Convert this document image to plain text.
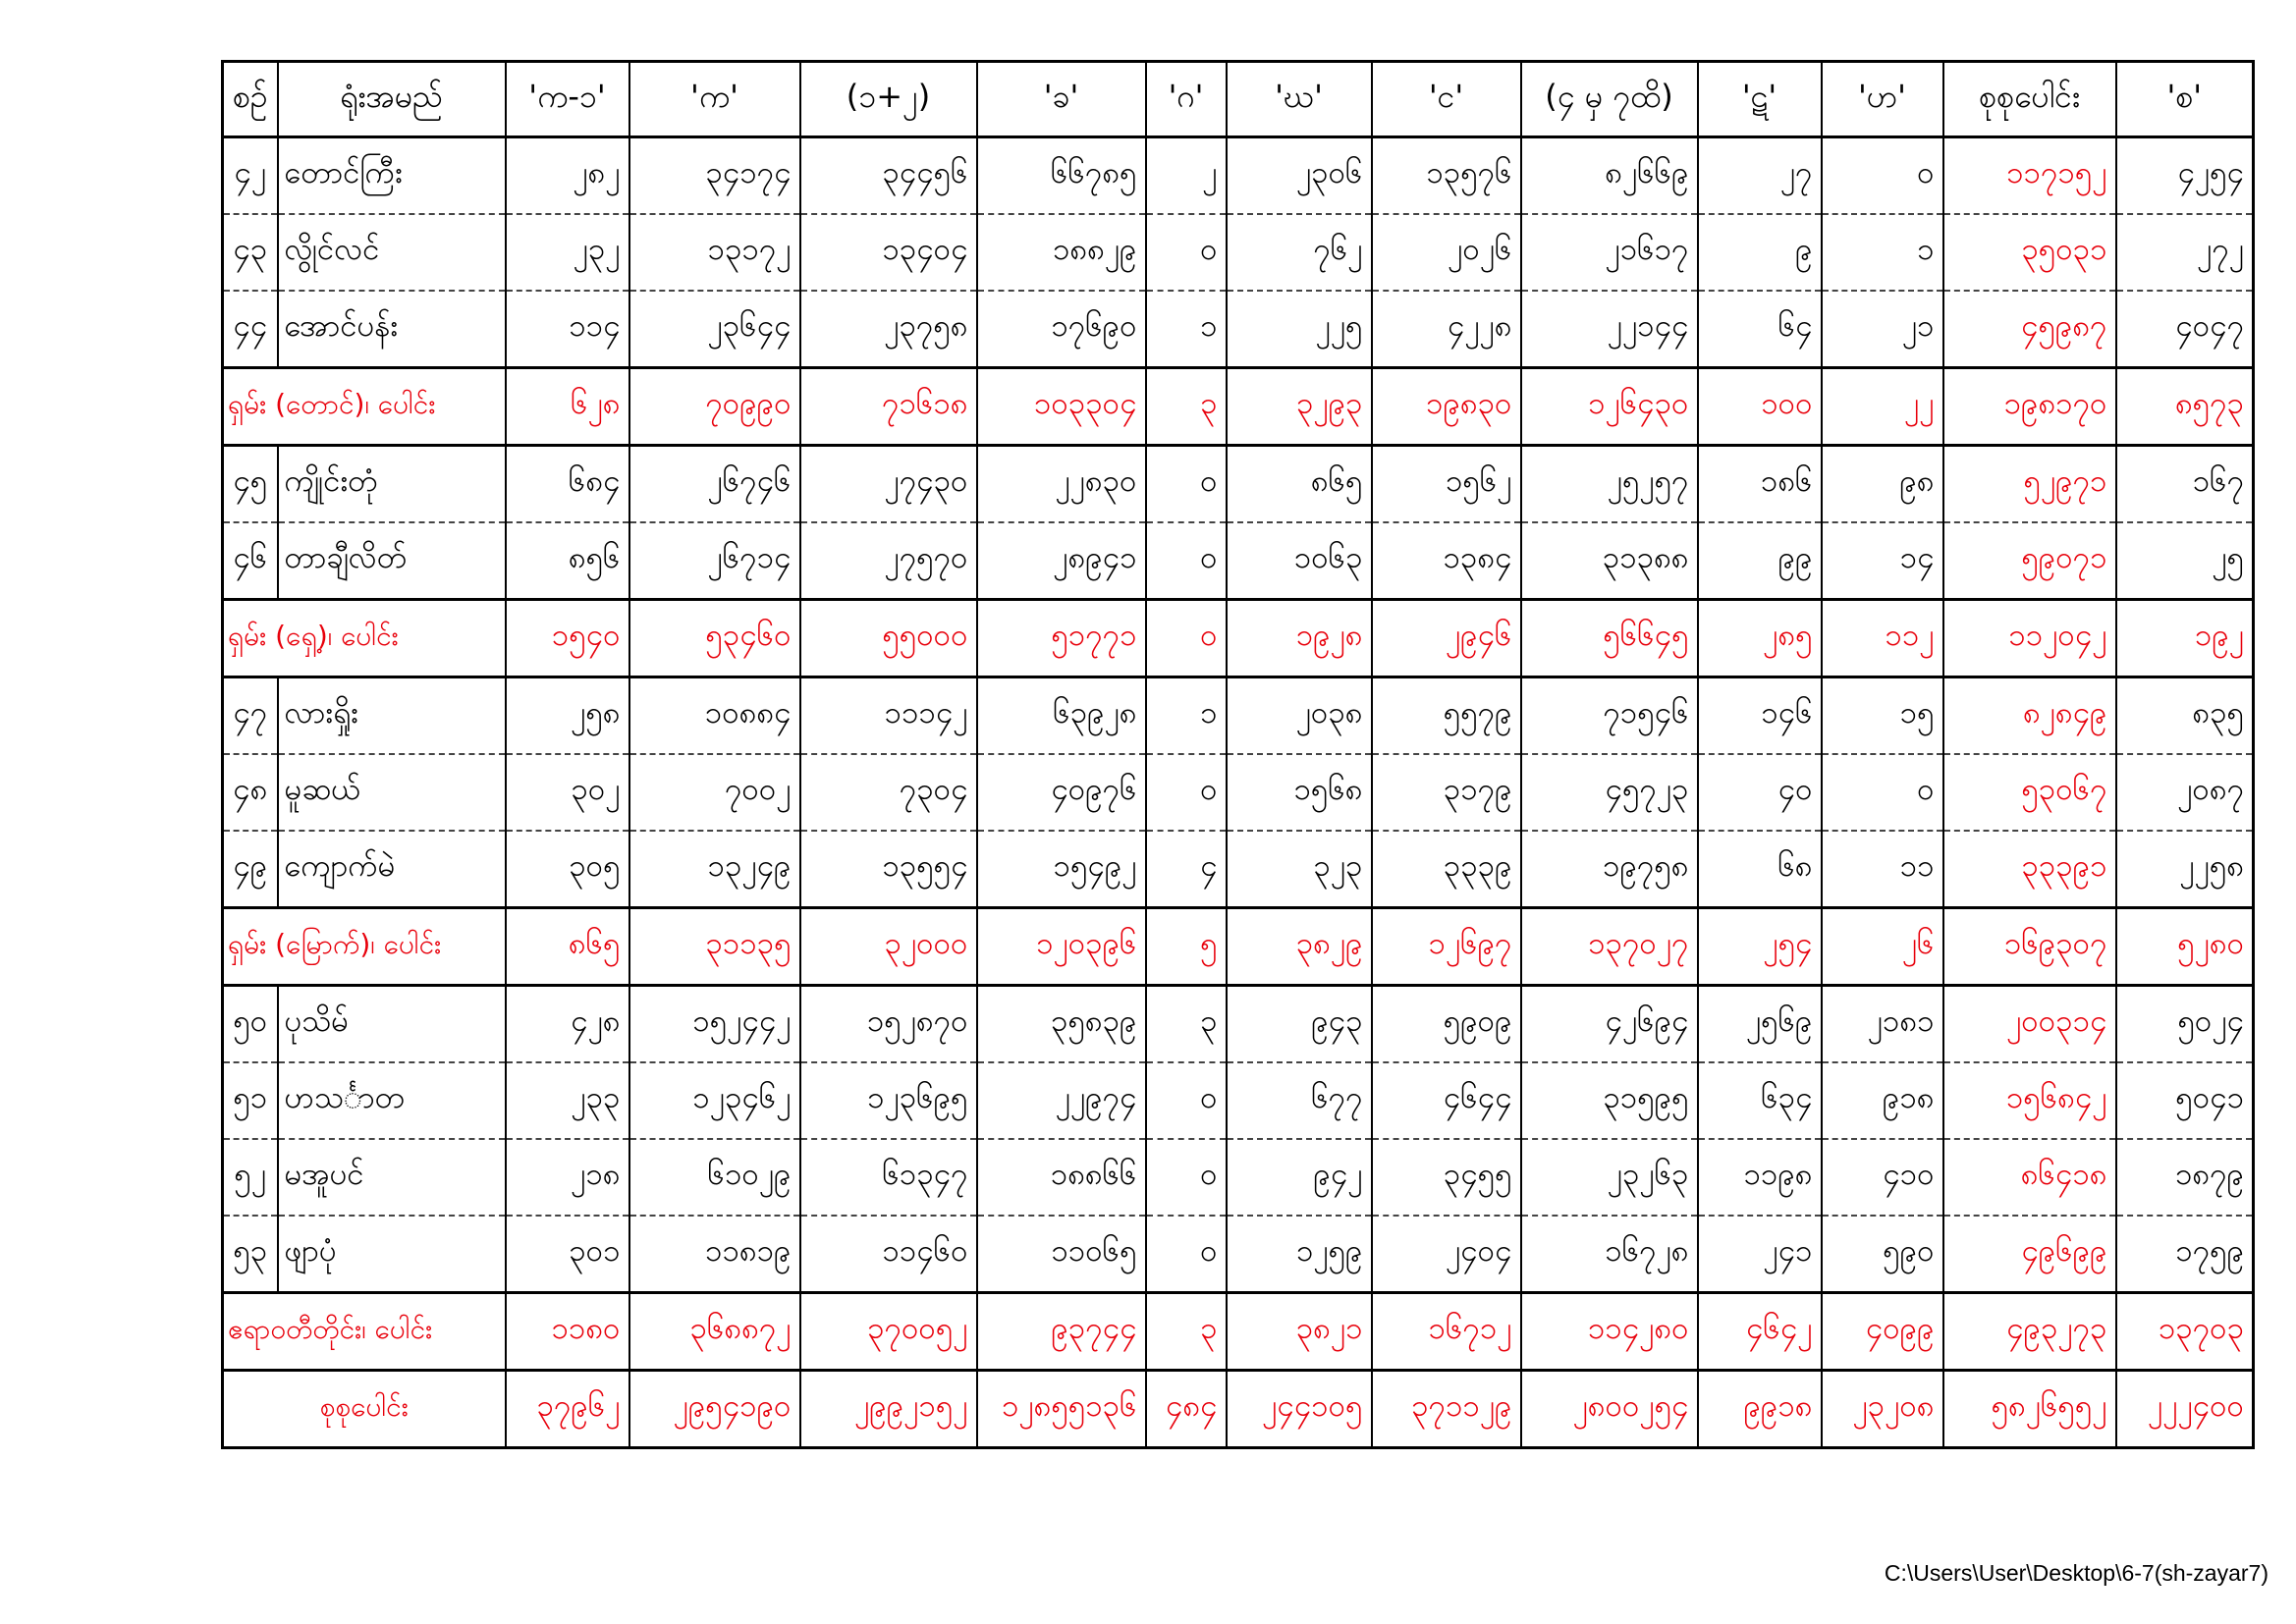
စဉ်	ရုံးအမည်	'က-၁'	'က'	(၁+၂)	'ခ'	'ဂ'	'ဃ'	'င'	(၄ မှ ၇ထိ)	'ဋ'	'ဟ'	စုစုပေါင်း	'စ'
၄၂	တောင်ကြီး	၂၈၂	၃၄၁၇၄	၃၄၄၅၆	၆၆၇၈၅	၂	၂၃၀၆	၁၃၅၇၆	၈၂၆၆၉	၂၇	၀	၁၁၇၁၅၂	၄၂၅၄
၄၃	လွိုင်လင်	၂၃၂	၁၃၁၇၂	၁၃၄၀၄	၁၈၈၂၉	၀	၇၆၂	၂၀၂၆	၂၁၆၁၇	၉	၁	၃၅၀၃၁	၂၇၂
၄၄	အောင်ပန်း	၁၁၄	၂၃၆၄၄	၂၃၇၅၈	၁၇၆၉၀	၁	၂၂၅	၄၂၂၈	၂၂၁၄၄	၆၄	၂၁	၄၅၉၈၇	၄၀၄၇
ရှမ်း (တောင်)၊ ပေါင်း		၆၂၈	၇၀၉၉၀	၇၁၆၁၈	၁၀၃၃၀၄	၃	၃၂၉၃	၁၉၈၃၀	၁၂၆၄၃၀	၁၀၀	၂၂	၁၉၈၁၇၀	၈၅၇၃
၄၅	ကျိုင်းတုံ	၆၈၄	၂၆၇၄၆	၂၇၄၃၀	၂၂၈၃၀	၀	၈၆၅	၁၅၆၂	၂၅၂၅၇	၁၈၆	၉၈	၅၂၉၇၁	၁၆၇
၄၆	တာချီလိတ်	၈၅၆	၂၆၇၁၄	၂၇၅၇၀	၂၈၉၄၁	၀	၁၀၆၃	၁၃၈၄	၃၁၃၈၈	၉၉	၁၄	၅၉၀၇၁	၂၅
ရှမ်း (ရှေ့)၊ ပေါင်း		၁၅၄၀	၅၃၄၆၀	၅၅၀၀၀	၅၁၇၇၁	၀	၁၉၂၈	၂၉၄၆	၅၆၆၄၅	၂၈၅	၁၁၂	၁၁၂၀၄၂	၁၉၂
၄၇	လားရှိုး	၂၅၈	၁၀၈၈၄	၁၁၁၄၂	၆၃၉၂၈	၁	၂၀၃၈	၅၅၇၉	၇၁၅၄၆	၁၄၆	၁၅	၈၂၈၄၉	၈၃၅
၄၈	မူဆယ်	၃၀၂	၇၀၀၂	၇၃၀၄	၄၀၉၇၆	၀	၁၅၆၈	၃၁၇၉	၄၅၇၂၃	၄၀	၀	၅၃၀၆၇	၂၀၈၇
၄၉	ကျောက်မဲ	၃၀၅	၁၃၂၄၉	၁၃၅၅၄	၁၅၄၉၂	၄	၃၂၃	၃၃၃၉	၁၉၇၅၈	၆၈	၁၁	၃၃၃၉၁	၂၂၅၈
ရှမ်း (မြောက်)၊ ပေါင်း		၈၆၅	၃၁၁၃၅	၃၂၀၀၀	၁၂၀၃၉၆	၅	၃၈၂၉	၁၂၆၉၇	၁၃၇၀၂၇	၂၅၄	၂၆	၁၆၉၃၀၇	၅၂၈၀
၅၀	ပုသိမ်	၄၂၈	၁၅၂၄၄၂	၁၅၂၈၇၀	၃၅၈၃၉	၃	၉၄၃	၅၉၀၉	၄၂၆၉၄	၂၅၆၉	၂၁၈၁	၂၀၀၃၁၄	၅၀၂၄
၅၁	ဟသင်္ာတ	၂၃၃	၁၂၃၄၆၂	၁၂၃၆၉၅	၂၂၉၇၄	၀	၆၇၇	၄၆၄၄	၃၁၅၉၅	၆၃၄	၉၁၈	၁၅၆၈၄၂	၅၀၄၁
၅၂	မအူပင်	၂၁၈	၆၁၀၂၉	၆၁၃၄၇	၁၈၈၆၆	၀	၉၄၂	၃၄၅၅	၂၃၂၆၃	၁၁၉၈	၄၁၀	၈၆၄၁၈	၁၈၇၉
၅၃	ဖျာပုံ	၃၀၁	၁၁၈၁၉	၁၁၄၆၀	၁၁၀၆၅	၀	၁၂၅၉	၂၄၀၄	၁၆၇၂၈	၂၄၁	၅၉၀	၄၉၆၉၉	၁၇၅၉
ဧရာဝတီတိုင်း၊ ပေါင်း		၁၁၈၀	၃၆၈၈၇၂	၃၇၀၀၅၂	၉၃၇၄၄	၃	၃၈၂၁	၁၆၇၁၂	၁၁၄၂၈၀	၄၆၄၂	၄၀၉၉	၄၉၃၂၇၃	၁၃၇၀၃
စုစုပေါင်း		၃၇၉၆၂	၂၉၅၄၁၉၀	၂၉၉၂၁၅၂	၁၂၈၅၅၁၃၆	၄၈၄	၂၄၄၁၀၅	၃၇၁၁၂၉	၂၈၀၀၂၅၄	၉၉၁၈	၂၃၂၀၈	၅၈၂၆၅၅၂	၂၂၂၄၀၀
C:\Users\User\Desktop\6-7(sh-zayar7)
